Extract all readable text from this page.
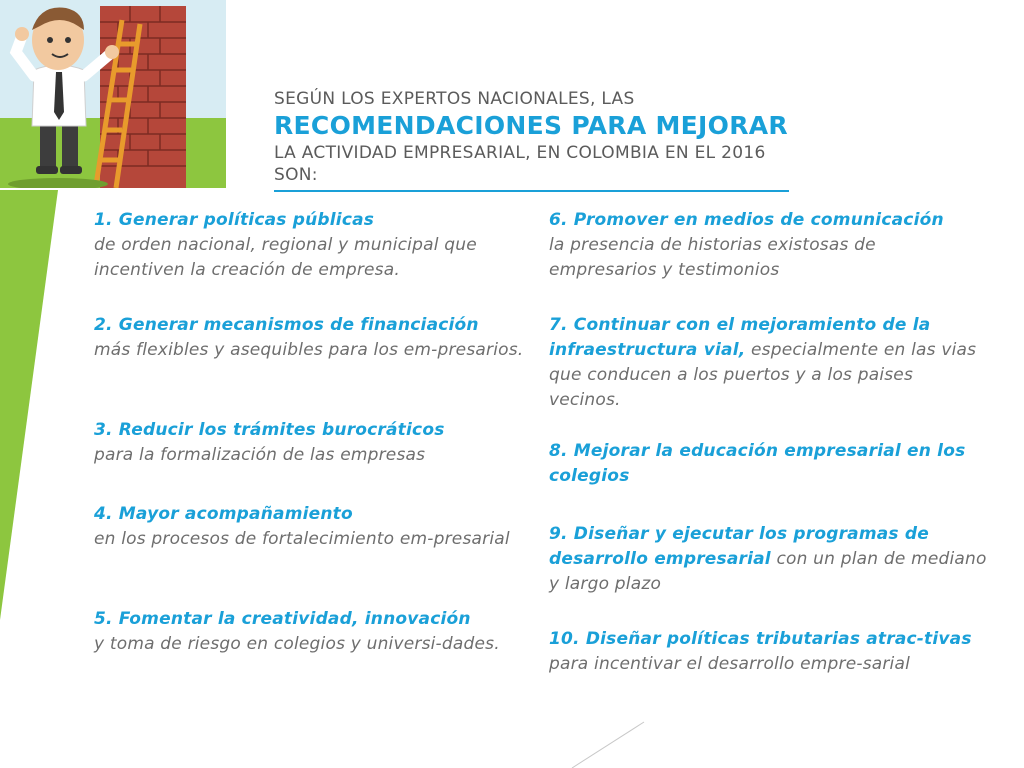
SEGÚN LOS EXPERTOS NACIONALES, LAS
RECOMENDACIONES PARA MEJORAR
LA ACTIVIDAD EMPRESARIAL, EN COLOMBIA EN EL 2016 SON:
1. Generar políticas públicas
de orden nacional, regional y municipal que incentiven la creación de empresa.
2. Generar mecanismos de financiación
más flexibles y asequibles para los em-presarios.
3. Reducir los trámites burocráticos
para la formalización de las empresas
4. Mayor acompañamiento
en los procesos de fortalecimiento em-presarial
5. Fomentar la creatividad, innovación
y toma de riesgo en colegios y universi-dades.
6. Promover en medios de comunicación
la presencia de historias existosas de empresarios y testimonios
7. Continuar con el mejoramiento de la infraestructura vial, especialmente en las vias que conducen a los puertos y a los paises vecinos.
8. Mejorar la educación empresarial en los colegios
9. Diseñar y ejecutar los programas de desarrollo empresarial con un plan de mediano y largo plazo
10. Diseñar políticas tributarias atrac-tivas para incentivar el desarrollo empre-sarial
